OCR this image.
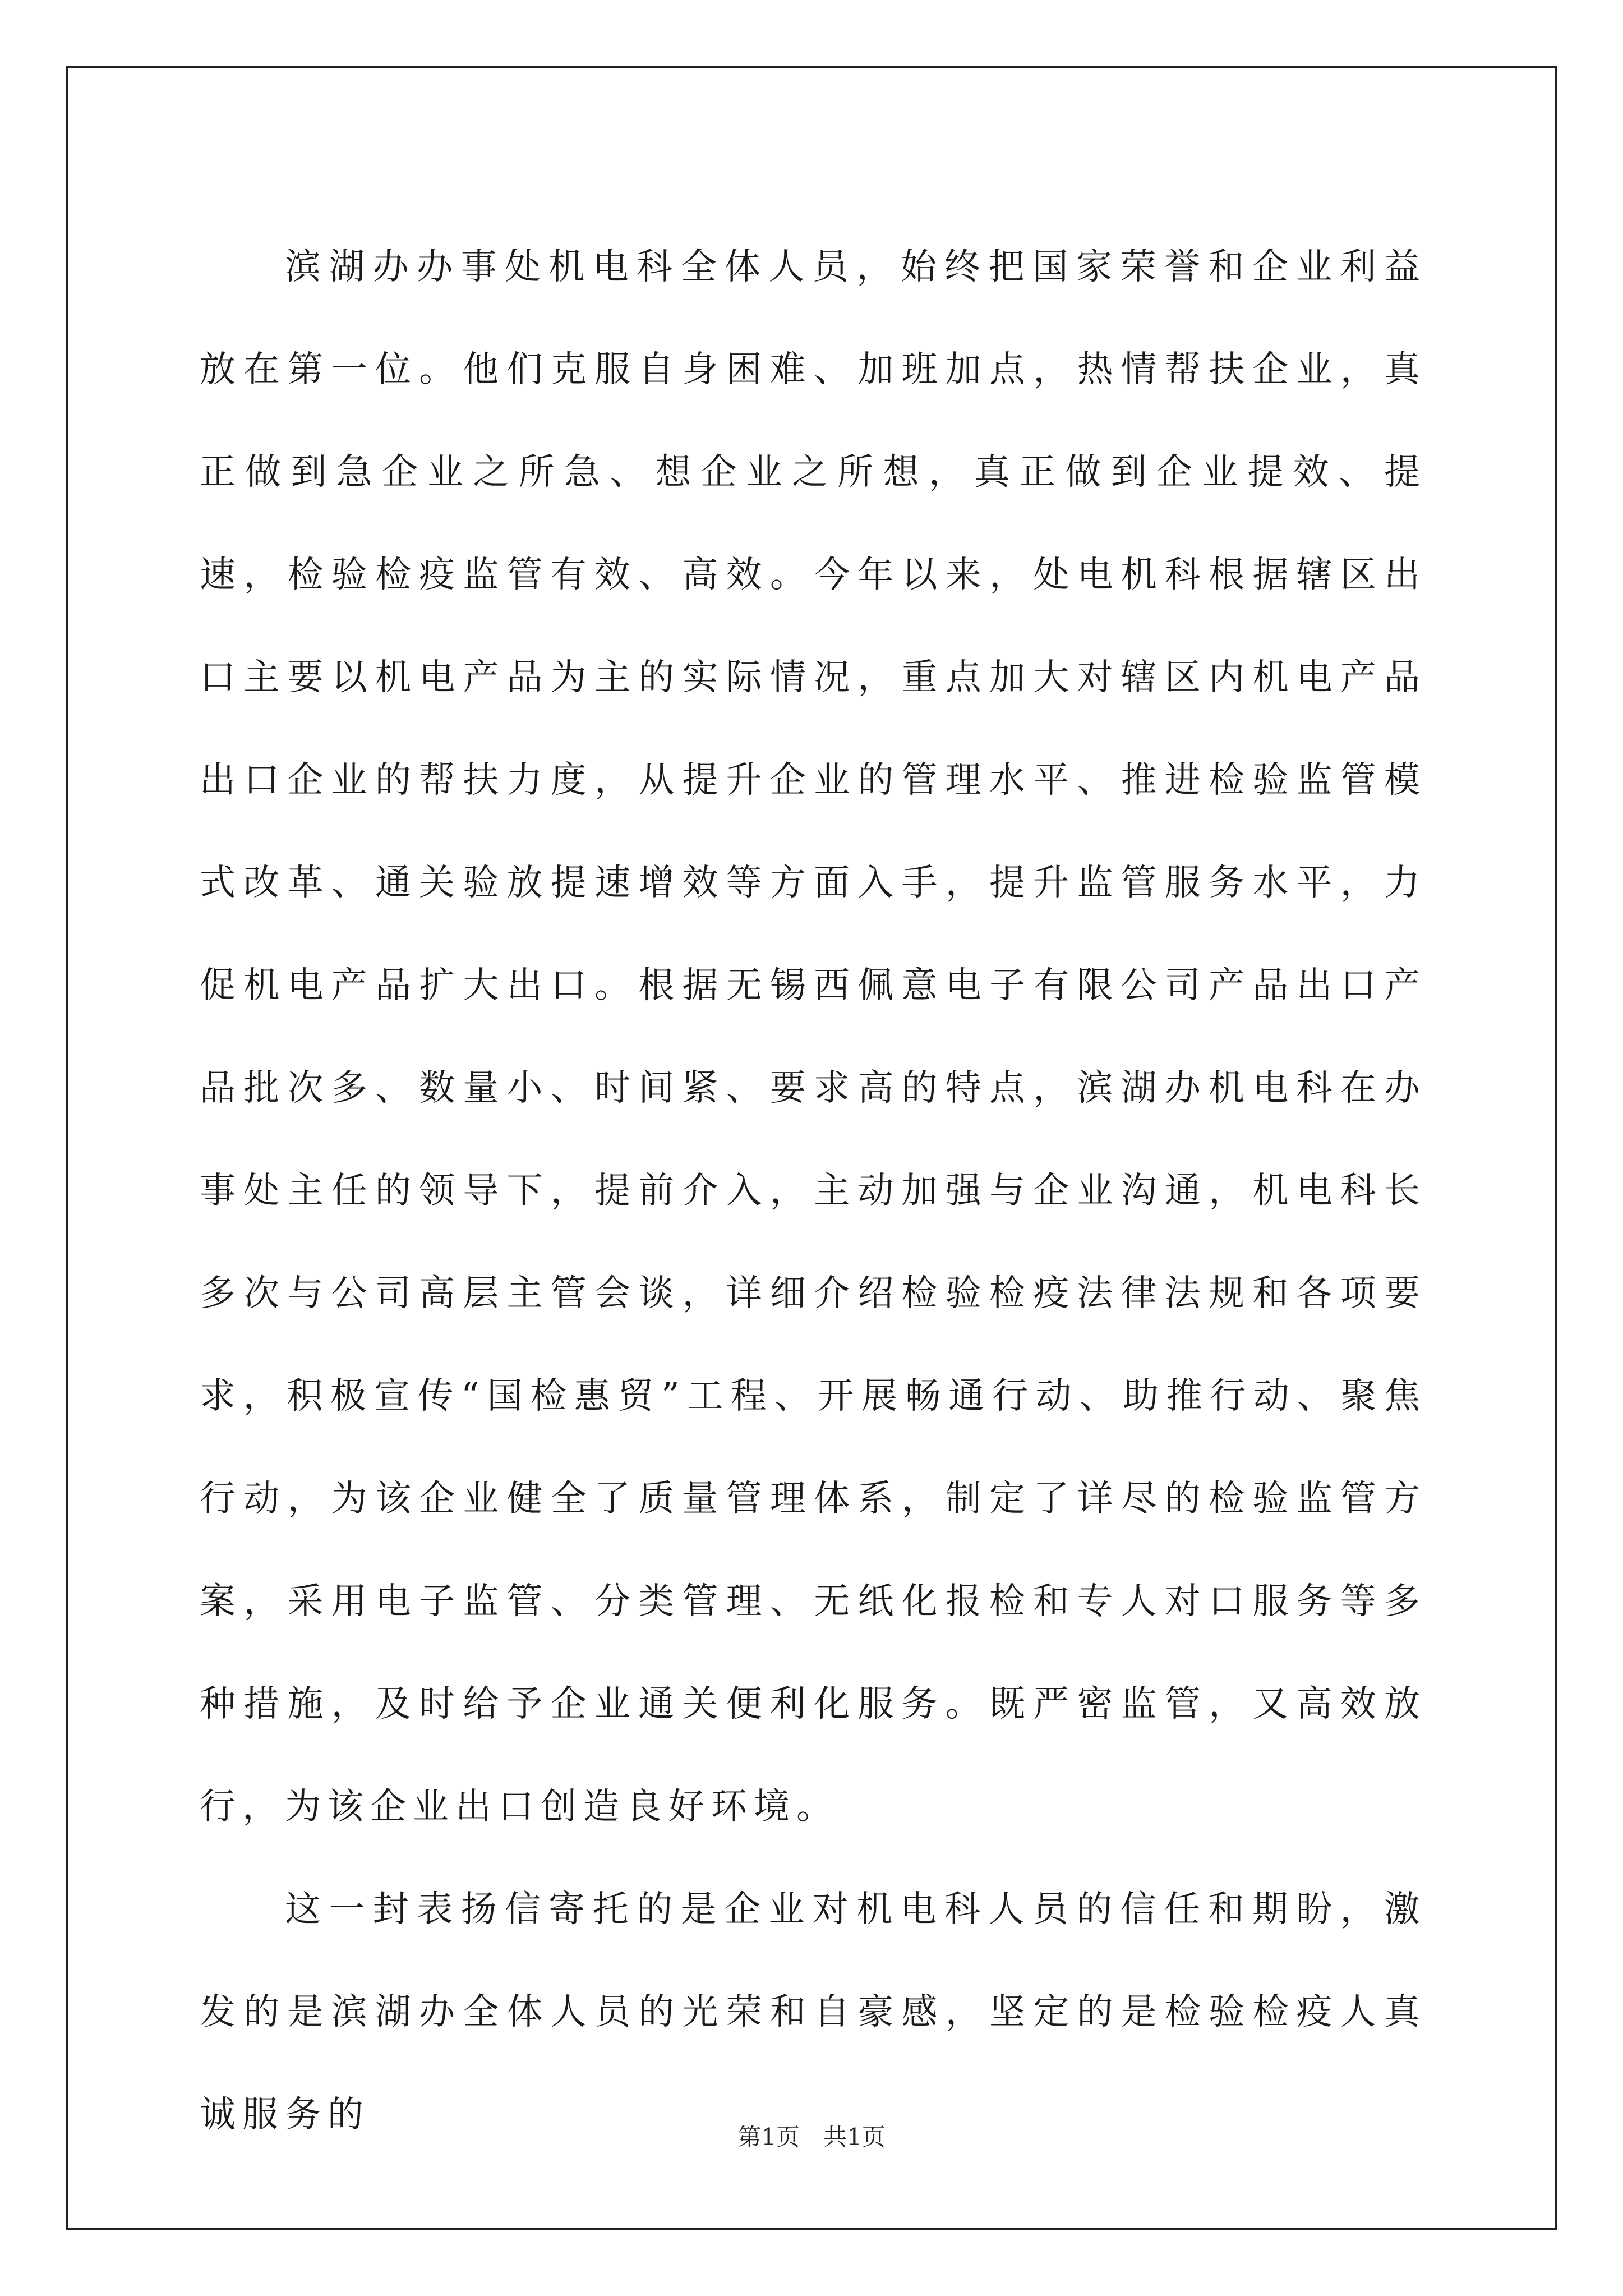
滨湖办办事处机电科全体人员，始终把国家荣誉和企业利益放在第一位。他们克服自身困难、加班加点，热情帮扶企业，真正做到急企业之所急、想企业之所想，真正做到企业提效、提速，检验检疫监管有效、高效。今年以来，处电机科根据辖区出口主要以机电产品为主的实际情况，重点加大对辖区内机电产品出口企业的帮扶力度，从提升企业的管理水平、推进检验监管模式改革、通关验放提速增效等方面入手，提升监管服务水平，力促机电产品扩大出口。根据无锡西佩意电子有限公司产品出口产品批次多、数量小、时间紧、要求高的特点，滨湖办机电科在办事处主任的领导下，提前介入，主动加强与企业沟通，机电科长多次与公司高层主管会谈，详细介绍检验检疫法律法规和各项要求，积极宣传“国检惠贸”工程、开展畅通行动、助推行动、聚焦行动，为该企业健全了质量管理体系，制定了详尽的检验监管方案，采用电子监管、分类管理、无纸化报检和专人对口服务等多种措施，及时给予企业通关便利化服务。既严密监管，又高效放行，为该企业出口创造良好环境。

这一封表扬信寄托的是企业对机电科人员的信任和期盼，激发的是滨湖办全体人员的光荣和自豪感，坚定的是检验检疫人真诚服务的

第1页　共1页
